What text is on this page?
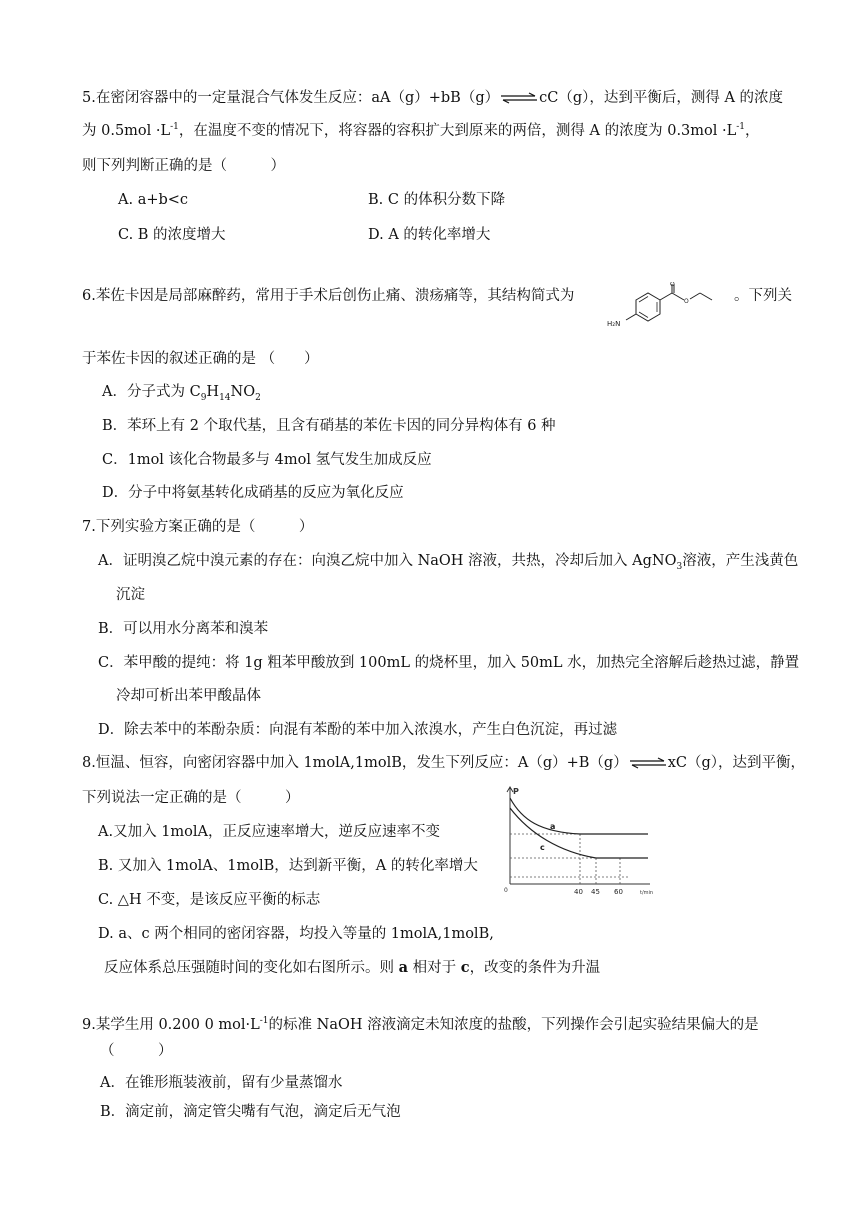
5.在密闭容器中的一定量混合气体发生反应：aA（g）+bB（g）⇌cC（g），达到平衡后，测得 A 的浓度
为 $0.5mol \cdot L^{-1}$，在温度不变的情况下，将容器的容积扩大到原来的两倍，测得 A 的浓度为 $0.3mol \cdot L^{-1}$，
则下列判断正确的是（　　　）
A. a+b<c	B. C 的体积分数下降
C. B 的浓度增大	D. A 的转化率增大
6.苯佐卡因是局部麻醉药，常用于手术后创伤止痛、溃疡痛等，其结构简式为	。下列关
O
O
H₂N
于苯佐卡因的叙述正确的是 （　　）
A．分子式为 $C_9H_{14}NO_2$
B．苯环上有 2 个取代基，且含有硝基的苯佐卡因的同分异构体有 6 种
C．1mol 该化合物最多与 4mol 氢气发生加成反应
D．分子中将氨基转化成硝基的反应为氧化反应
7.下列实验方案正确的是（　　　）
A．证明溴乙烷中溴元素的存在：向溴乙烷中加入 NaOH 溶液，共热，冷却后加入 AgNO$_3$溶液，产生浅黄色
沉淀
B．可以用水分离苯和溴苯
C．苯甲酸的提纯：将 1g 粗苯甲酸放到 100mL 的烧杯里，加入 50mL 水，加热完全溶解后趁热过滤，静置
冷却可析出苯甲酸晶体
D．除去苯中的苯酚杂质：向混有苯酚的苯中加入浓溴水，产生白色沉淀，再过滤
8.恒温、恒容，向密闭容器中加入 1molA,1molB，发生下列反应：A（g）+B（g）⇌xC（g），达到平衡，
下列说法一定正确的是（　　　）
A.又加入 1molA，正反应速率增大，逆反应速率不变
B. 又加入 1molA、1molB，达到新平衡，A 的转化率增大
C. △H 不变，是该反应平衡的标志
D. a、c 两个相同的密闭容器，均投入等量的 1molA,1molB,
反应体系总压强随时间的变化如右图所示。则 a 相对于 c，改变的条件为升温
P
t/min
0
a
c
40 45 60
9.某学生用 0.200 0 $mol\cdot L^{-1}$的标准 NaOH 溶液滴定未知浓度的盐酸，下列操作会引起实验结果偏大的是
（　　　）
A．在锥形瓶装液前，留有少量蒸馏水
B．滴定前，滴定管尖嘴有气泡，滴定后无气泡
